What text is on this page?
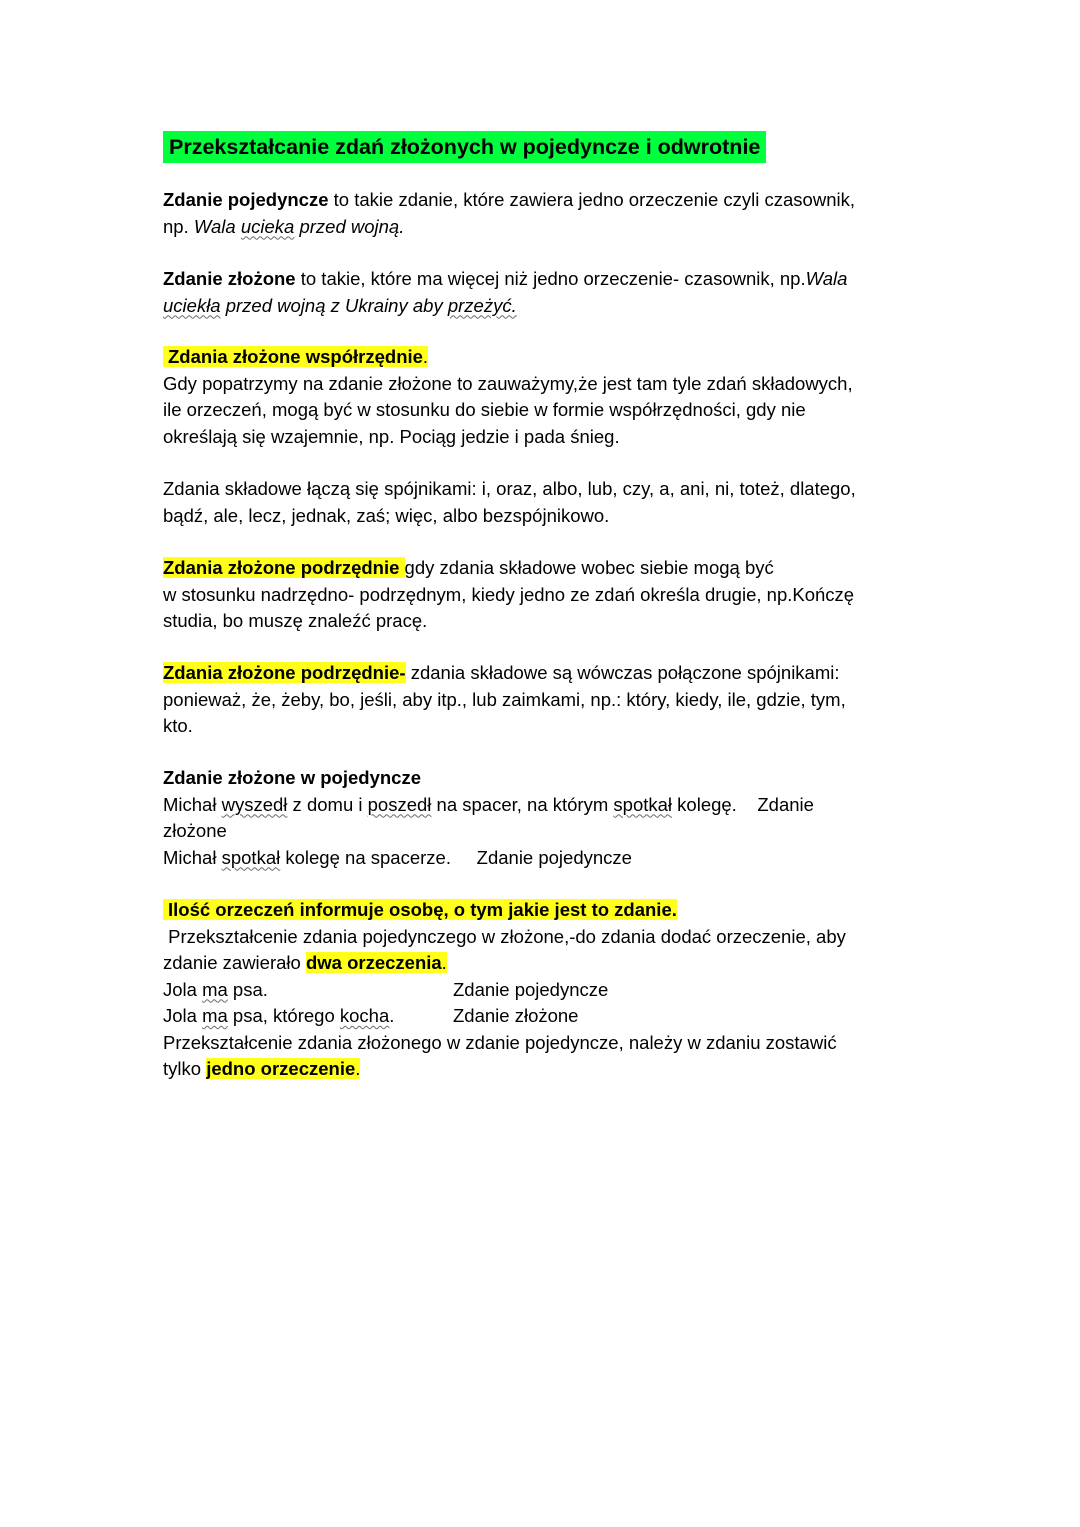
Przekształcanie zdań złożonych w pojedyncze i odwrotnie

Zdanie pojedyncze to takie zdanie, które zawiera jedno orzeczenie czyli czasownik,
np. Wala ucieka przed wojną.

Zdanie złożone to takie, które ma więcej niż jedno orzeczenie- czasownik, np.Wala
uciekła przed wojną z Ukrainy aby przeżyć.

Zdania złożone współrzędnie.
Gdy popatrzymy na zdanie złożone to zauważymy,że jest tam tyle zdań składowych,
ile orzeczeń, mogą być w stosunku do siebie w formie współrzędności, gdy nie
określają się wzajemnie, np. Pociąg jedzie i pada śnieg.

Zdania składowe łączą się spójnikami: i, oraz, albo, lub, czy, a, ani, ni, toteż, dlatego,
bądź, ale, lecz, jednak, zaś; więc, albo bezspójnikowo.

Zdania złożone podrzędnie gdy zdania składowe wobec siebie mogą być
w stosunku nadrzędno- podrzędnym, kiedy jedno ze zdań określa drugie, np.Kończę
studia, bo muszę znaleźć pracę.

Zdania złożone podrzędnie- zdania składowe są wówczas połączone spójnikami:
ponieważ, że, żeby, bo, jeśli, aby itp., lub zaimkami, np.: który, kiedy, ile, gdzie, tym,
kto.

Zdanie złożone w pojedyncze
Michał wyszedł z domu i poszedł na spacer, na którym spotkał kolegę.    Zdanie
złożone
Michał spotkał kolegę na spacerze.     Zdanie pojedyncze

Ilość orzeczeń informuje osobę, o tym jakie jest to zdanie.
Przekształcenie zdania pojedynczego w złożone,-do zdania dodać orzeczenie, aby
zdanie zawierało dwa orzeczenia.
Jola ma psa.	Zdanie pojedyncze
Jola ma psa, którego kocha.	Zdanie złożone
Przekształcenie zdania złożonego w zdanie pojedyncze, należy w zdaniu zostawić
tylko jedno orzeczenie.
